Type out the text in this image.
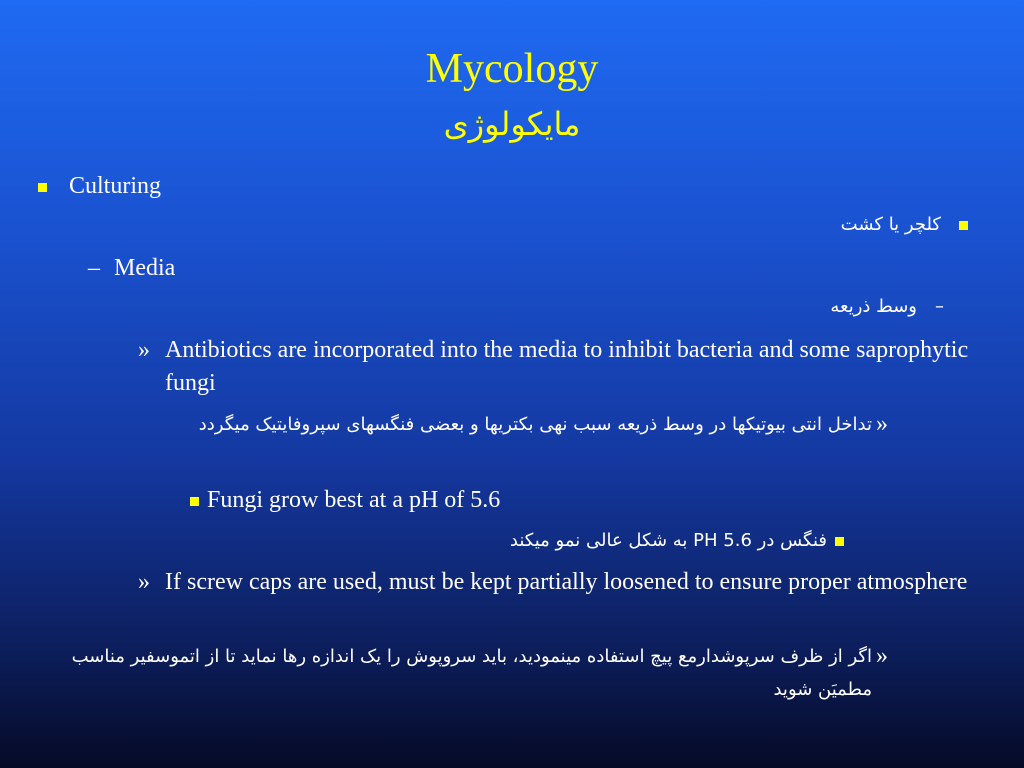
Mycology
مایکولوژی
Culturing
کلچر یا کشت
– Media
–وسط ذریعه
» Antibiotics are incorporated into the media to inhibit bacteria and some saprophytic fungi
»
تداخل انتی بیوتیکها در وسط ذریعه سبب نهی بکتریها و بعضی فنگسهای سپروفایتیک میگردد
Fungi grow best at a pH of 5.6
فنگس در PH 5.6 به شکل عالی نمو میکند
» If screw caps are used, must be kept partially loosened to ensure proper atmosphere
»
اگر از ظرف سرپوشدارمع پیچ استفاده مینمودید، باید سروپوش را یک اندازه رها نماید تا از اتموسفیر مناسب مطمیَن شوید
